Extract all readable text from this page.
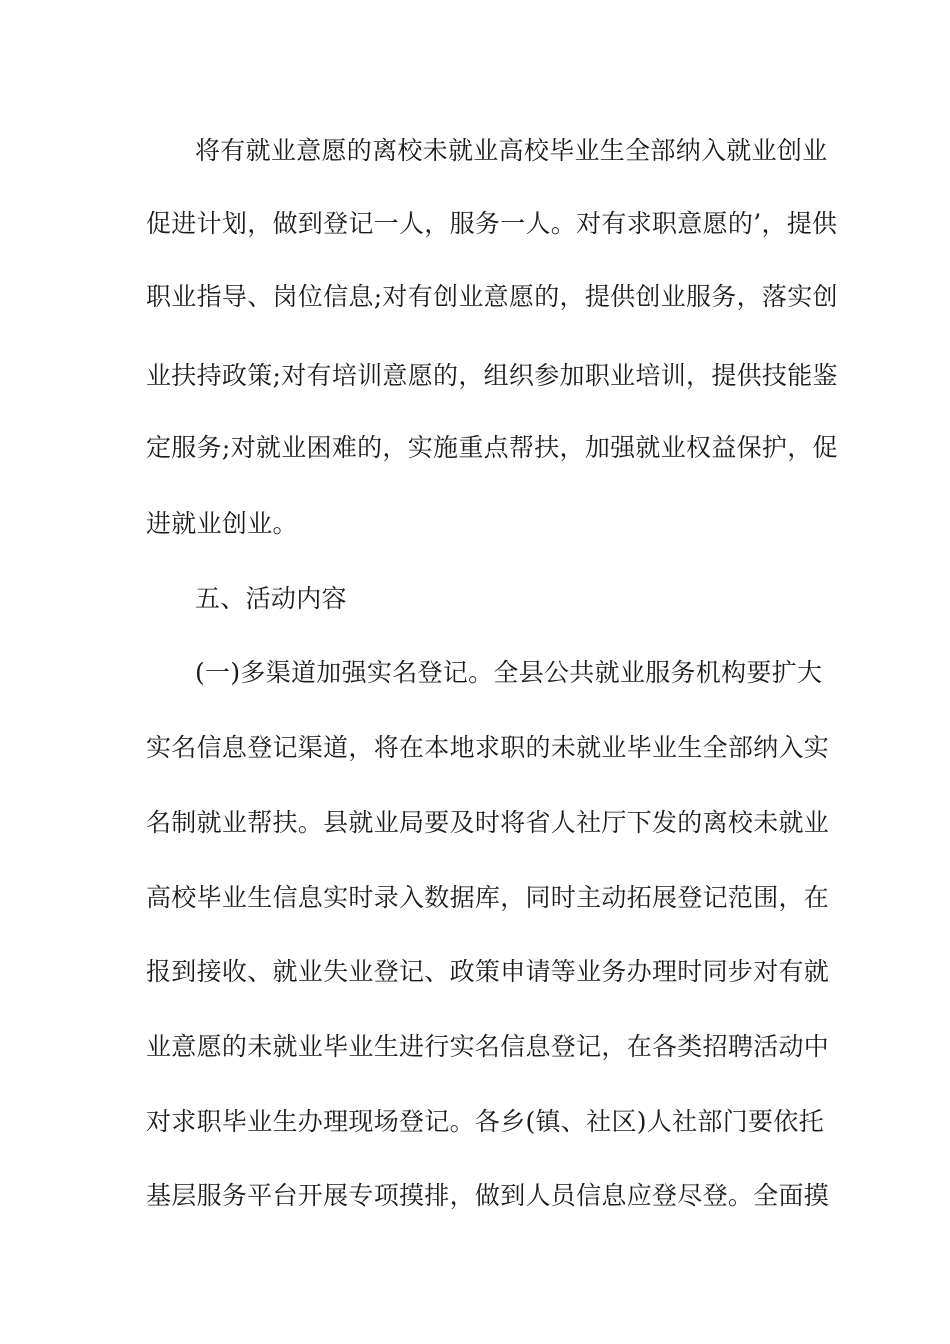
将有就业意愿的离校未就业高校毕业生全部纳入就业创业
促进计划，做到登记一人，服务一人。对有求职意愿的’，提供
职业指导、岗位信息;对有创业意愿的，提供创业服务，落实创
业扶持政策;对有培训意愿的，组织参加职业培训，提供技能鉴
定服务;对就业困难的，实施重点帮扶，加强就业权益保护，促
进就业创业。
五、活动内容
(一)多渠道加强实名登记。全县公共就业服务机构要扩大
实名信息登记渠道，将在本地求职的未就业毕业生全部纳入实
名制就业帮扶。县就业局要及时将省人社厅下发的离校未就业
高校毕业生信息实时录入数据库，同时主动拓展登记范围，在
报到接收、就业失业登记、政策申请等业务办理时同步对有就
业意愿的未就业毕业生进行实名信息登记，在各类招聘活动中
对求职毕业生办理现场登记。各乡(镇、社区)人社部门要依托
基层服务平台开展专项摸排，做到人员信息应登尽登。全面摸
